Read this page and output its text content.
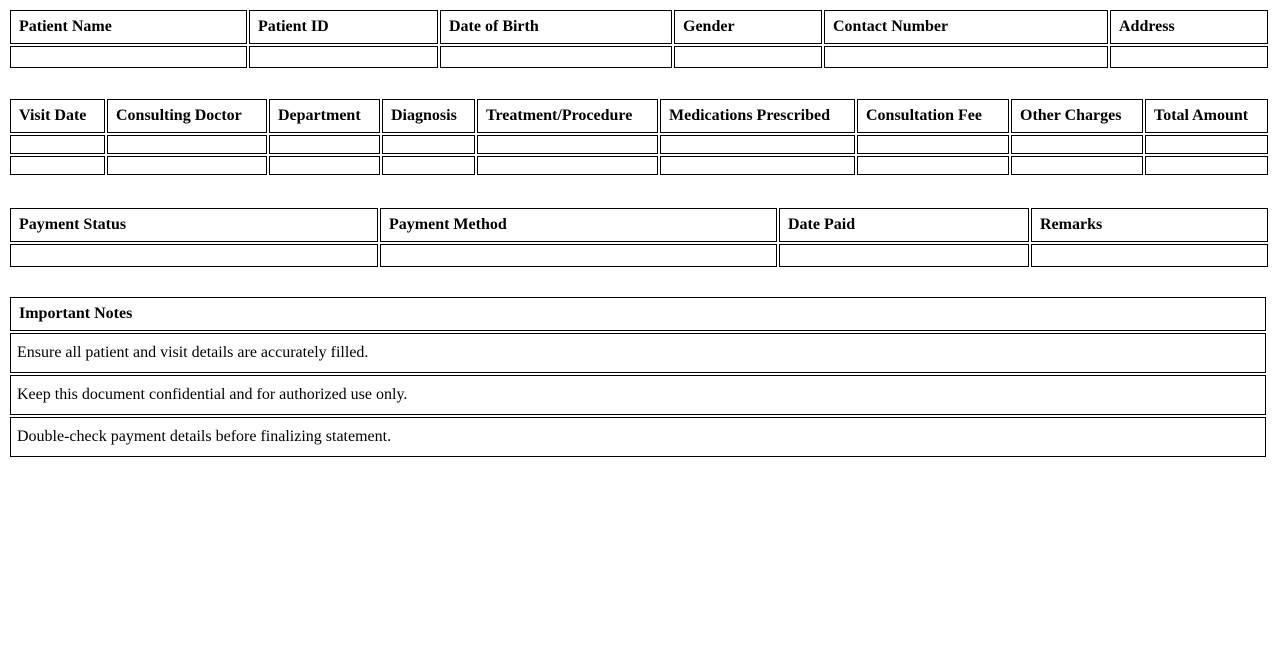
Patient Name	Patient ID	Date of Birth	Gender	Contact Number	Address

Visit Date	Consulting Doctor	Department	Diagnosis	Treatment/Procedure	Medications Prescribed	Consultation Fee	Other Charges	Total Amount

Payment Status	Payment Method	Date Paid	Remarks

Important Notes
Ensure all patient and visit details are accurately filled.
Keep this document confidential and for authorized use only.
Double-check payment details before finalizing statement.
